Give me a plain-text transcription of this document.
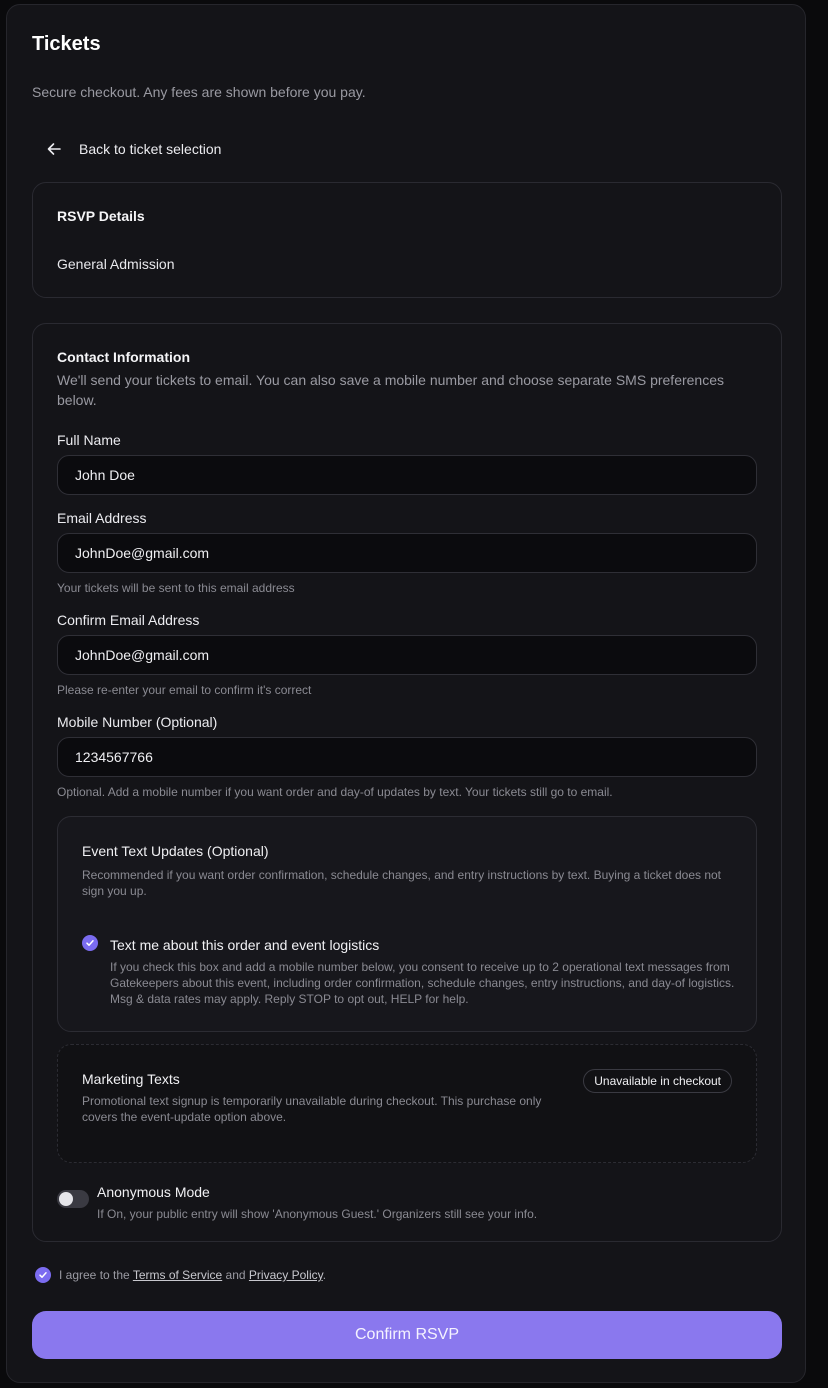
Tickets
Secure checkout. Any fees are shown before you pay.
Back to ticket selection
RSVP Details
General Admission
Contact Information
We'll send your tickets to email. You can also save a mobile number and choose separate SMS preferences below.
Full Name
John Doe
Email Address
JohnDoe@gmail.com
Your tickets will be sent to this email address
Confirm Email Address
JohnDoe@gmail.com
Please re-enter your email to confirm it's correct
Mobile Number (Optional)
1234567766
Optional. Add a mobile number if you want order and day-of updates by text. Your tickets still go to email.
Event Text Updates (Optional)
Recommended if you want order confirmation, schedule changes, and entry instructions by text. Buying a ticket does not sign you up.
Text me about this order and event logistics
If you check this box and add a mobile number below, you consent to receive up to 2 operational text messages from Gatekeepers about this event, including order confirmation, schedule changes, entry instructions, and day-of logistics. Msg & data rates may apply. Reply STOP to opt out, HELP for help.
Marketing Texts
Promotional text signup is temporarily unavailable during checkout. This purchase only covers the event-update option above.
Unavailable in checkout
Anonymous Mode
If On, your public entry will show 'Anonymous Guest.' Organizers still see your info.
I agree to the Terms of Service and Privacy Policy.
Confirm RSVP
